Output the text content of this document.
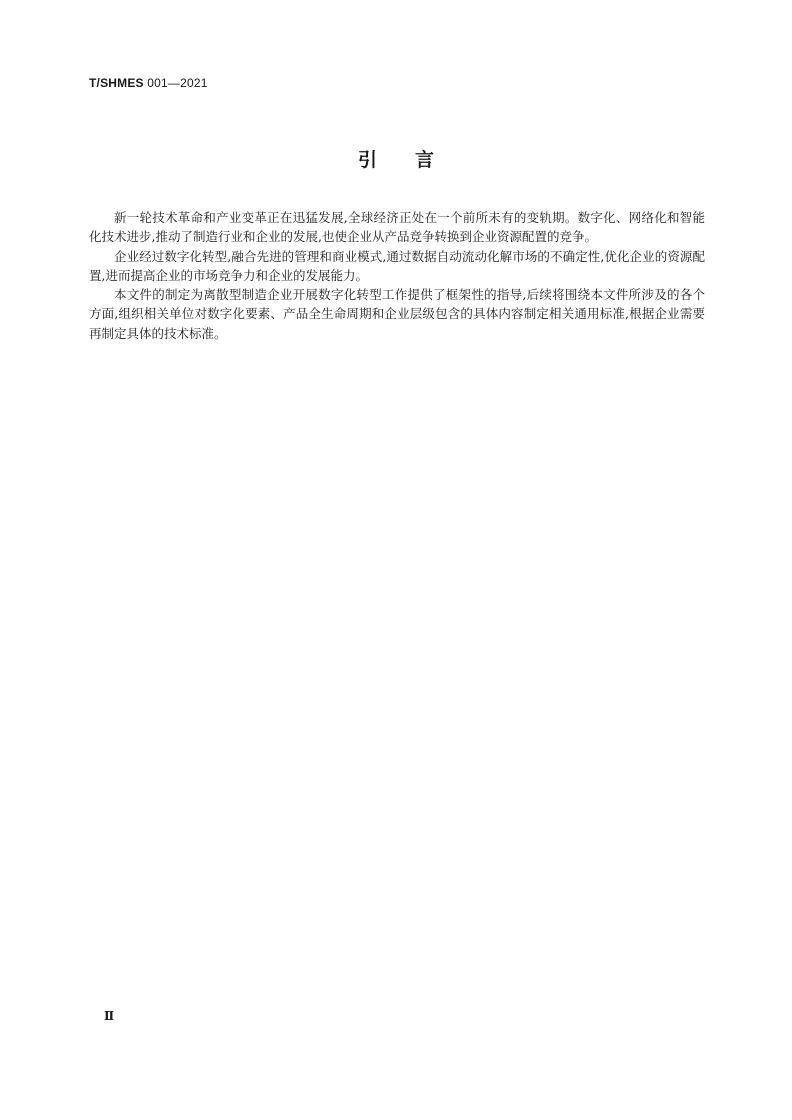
T/SHMES 001—2021
引言

新一轮技术革命和产业变革正在迅猛发展,全球经济正处在一个前所未有的变轨期。数字化、网络化和智能化技术进步,推动了制造行业和企业的发展,也使企业从产品竞争转换到企业资源配置的竞争。

企业经过数字化转型,融合先进的管理和商业模式,通过数据自动流动化解市场的不确定性,优化企业的资源配置,进而提高企业的市场竞争力和企业的发展能力。

本文件的制定为离散型制造企业开展数字化转型工作提供了框架性的指导,后续将围绕本文件所涉及的各个方面,组织相关单位对数字化要素、产品全生命周期和企业层级包含的具体内容制定相关通用标准,根据企业需要再制定具体的技术标准。

Ⅱ
